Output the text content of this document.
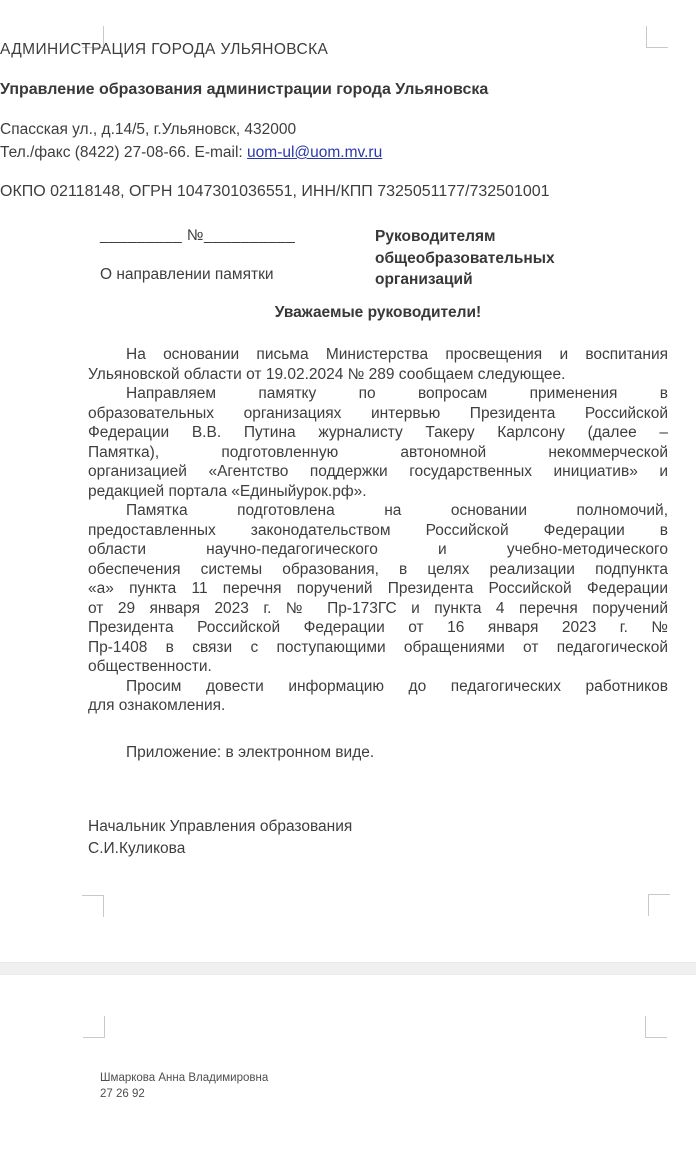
АДМИНИСТРАЦИЯ ГОРОДА УЛЬЯНОВСКА
Управление образования администрации города Ульяновска
Спасская ул., д.14/5, г.Ульяновск, 432000
Тел./факс (8422) 27-08-66. E-mail: uom-ul@uom.mv.ru
ОКПО 02118148, ОГРН 1047301036551, ИНН/КПП 7325051177/732501001
_________ №__________	Руководителям
общеобразовательных
организаций
О направлении памятки
Уважаемые руководители!
На основании письма Министерства просвещения и воспитания
Ульяновской области от 19.02.2024 № 289 сообщаем следующее.
Направляем памятку по вопросам применения в
образовательных организациях интервью Президента Российской
Федерации В.В. Путина журналисту Такеру Карлсону (далее –
Памятка), подготовленную автономной некоммерческой
организацией «Агентство поддержки государственных инициатив» и
редакцией портала «Единыйурок.рф».
Памятка подготовлена на основании полномочий,
предоставленных законодательством Российской Федерации в
области научно-педагогического и учебно-методического
обеспечения системы образования, в целях реализации подпункта
«а» пункта 11 перечня поручений Президента Российской Федерации
от 29 января 2023 г. № Пр-173ГС и пункта 4 перечня поручений
Президента Российской Федерации от 16 января 2023 г. №
Пр-1408 в связи с поступающими обращениями от педагогической
общественности.
Просим довести информацию до педагогических работников
для ознакомления.
Приложение: в электронном виде.
Начальник Управления образования
С.И.Куликова
Шмаркова Анна Владимировна
27 26 92
